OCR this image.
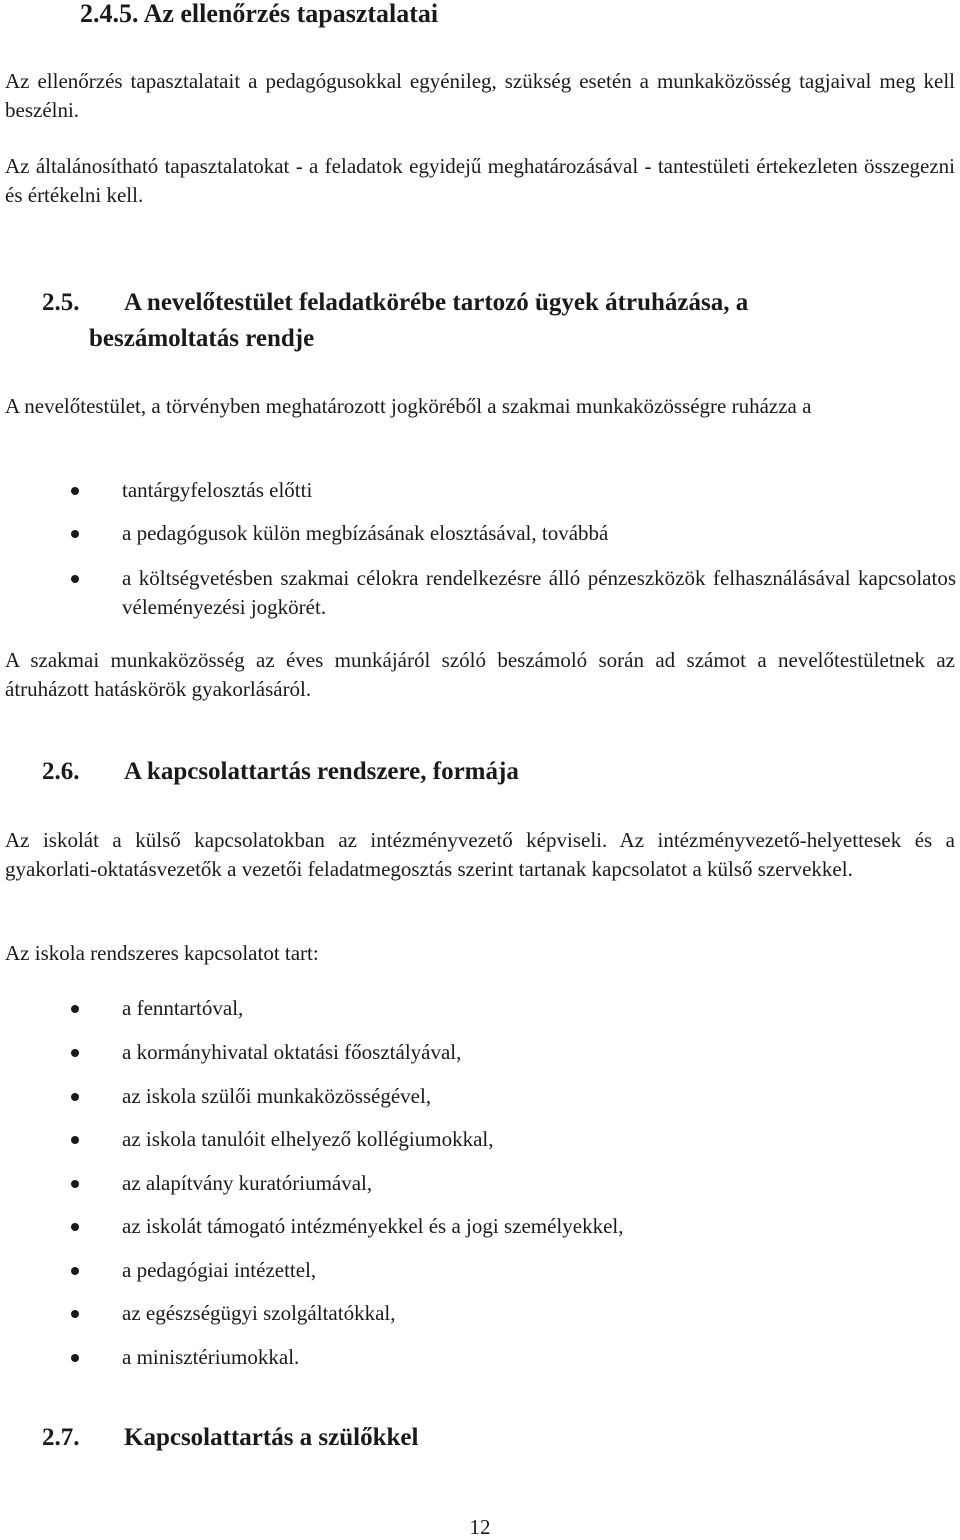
2.4.5. Az ellenőrzés tapasztalatai

Az ellenőrzés tapasztalatait a pedagógusokkal egyénileg, szükség esetén a munkaközösség tagjaival meg kell beszélni.

Az általánosítható tapasztalatokat - a feladatok egyidejű meghatározásával - tantestületi értekezleten összegezni és értékelni kell.

2.5. A nevelőtestület feladatkörébe tartozó ügyek átruházása, a
beszámoltatás rendje

A nevelőtestület, a törvényben meghatározott jogköréből a szakmai munkaközösségre ruházza a

tantárgyfelosztás előtti
a pedagógusok külön megbízásának elosztásával, továbbá
a költségvetésben szakmai célokra rendelkezésre álló pénzeszközök felhasználásával kapcsolatos véleményezési jogkörét.

A szakmai munkaközösség az éves munkájáról szóló beszámoló során ad számot a nevelőtestületnek az átruházott hatáskörök gyakorlásáról.

2.6. A kapcsolattartás rendszere, formája

Az iskolát a külső kapcsolatokban az intézményvezető képviseli. Az intézményvezető-helyettesek és a gyakorlati-oktatásvezetők a vezetői feladatmegosztás szerint tartanak kapcsolatot a külső szervekkel.

Az iskola rendszeres kapcsolatot tart:

a fenntartóval,
a kormányhivatal oktatási főosztályával,
az iskola szülői munkaközösségével,
az iskola tanulóit elhelyező kollégiumokkal,
az alapítvány kuratóriumával,
az iskolát támogató intézményekkel és a jogi személyekkel,
a pedagógiai intézettel,
az egészségügyi szolgáltatókkal,
a minisztériumokkal.
2.7. Kapcsolattartás a szülőkkel
12
